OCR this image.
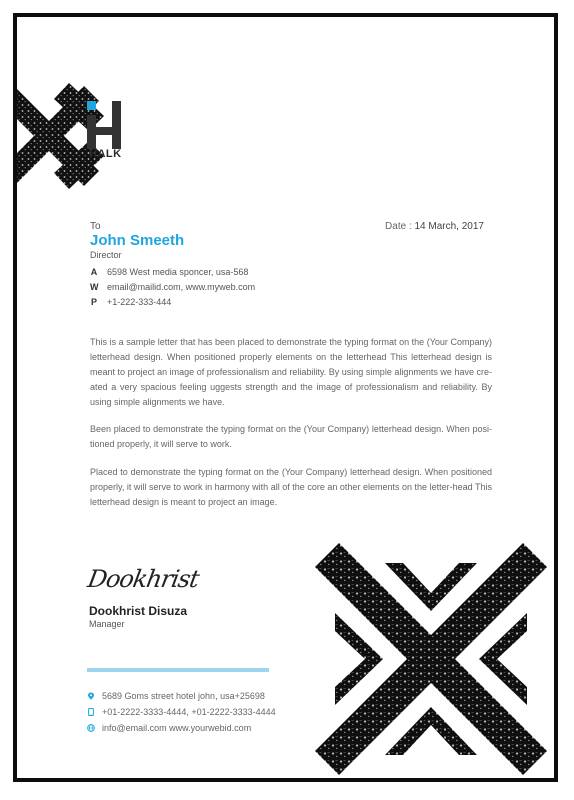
HALK
To	Date : 14 March, 2017
John Smeeth
Director
A 6598 West media sponcer, usa-568
W email@mailid.com, www.myweb.com
P +1-222-333-444

This is a sample letter that has been placed to demonstrate the typing format on the (Your Company) letterhead design. When positioned properly elements on the letterhead This letterhead design is meant to project an image of professionalism and reliability. By using simple alignments we have cre-ated a very spacious feeling uggests strength and the image of professionalism and reliability. By using simple alignments we have.

Been placed to demonstrate the typing format on the (Your Company) letterhead design. When posi-tioned properly, it will serve to work.

Placed to demonstrate the typing format on the (Your Company) letterhead design. When positioned properly, it will serve to work in harmony with all of the core an other elements on the letter-head This letterhead design is meant to project an image.

Dookhrist
Dookhrist Disuza
Manager
5689 Goms street hotel john, usa+25698
+01-2222-3333-4444, +01-2222-3333-4444
info@email.com www.yourwebid.com
